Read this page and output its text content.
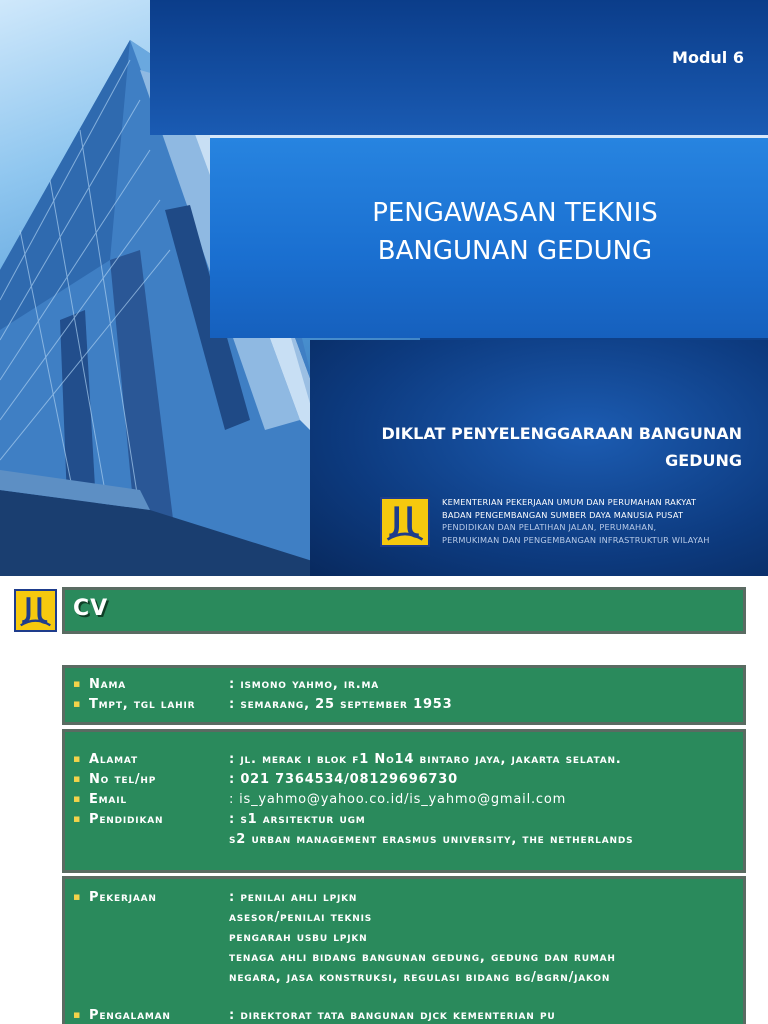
Modul 6
PENGAWASAN TEKNIS
BANGUNAN GEDUNG
DIKLAT PENYELENGGARAAN BANGUNAN
GEDUNG
KEMENTERIAN PEKERJAAN UMUM DAN PERUMAHAN RAKYAT
BADAN PENGEMBANGAN SUMBER DAYA MANUSIA PUSAT
PENDIDIKAN DAN PELATIHAN JALAN, PERUMAHAN,
PERMUKIMAN DAN PENGEMBANGAN INFRASTRUKTUR WILAYAH
CV
▪ Nama	: ismono yahmo, ir.ma
▪ Tmpt, tgl lahir	: semarang, 25 september 1953
▪ Alamat	: jl. merak i blok f1 No14 bintaro jaya, jakarta selatan.
▪ No tel/hp	: 021 7364534/08129696730
▪ Email	: is_yahmo@yahoo.co.id/is_yahmo@gmail.com
▪ Pendidikan	: s1 arsitektur ugm
s2 urban management erasmus university, the netherlands
▪ Pekerjaan	: penilai ahli lpjkn
asesor/penilai teknis
pengarah usbu lpjkn
tenaga ahli bidang bangunan gedung, gedung dan rumah
negara, jasa konstruksi, regulasi bidang bg/bgrn/jakon
▪ Pengalaman	: direktorat tata bangunan djck kementerian pu
